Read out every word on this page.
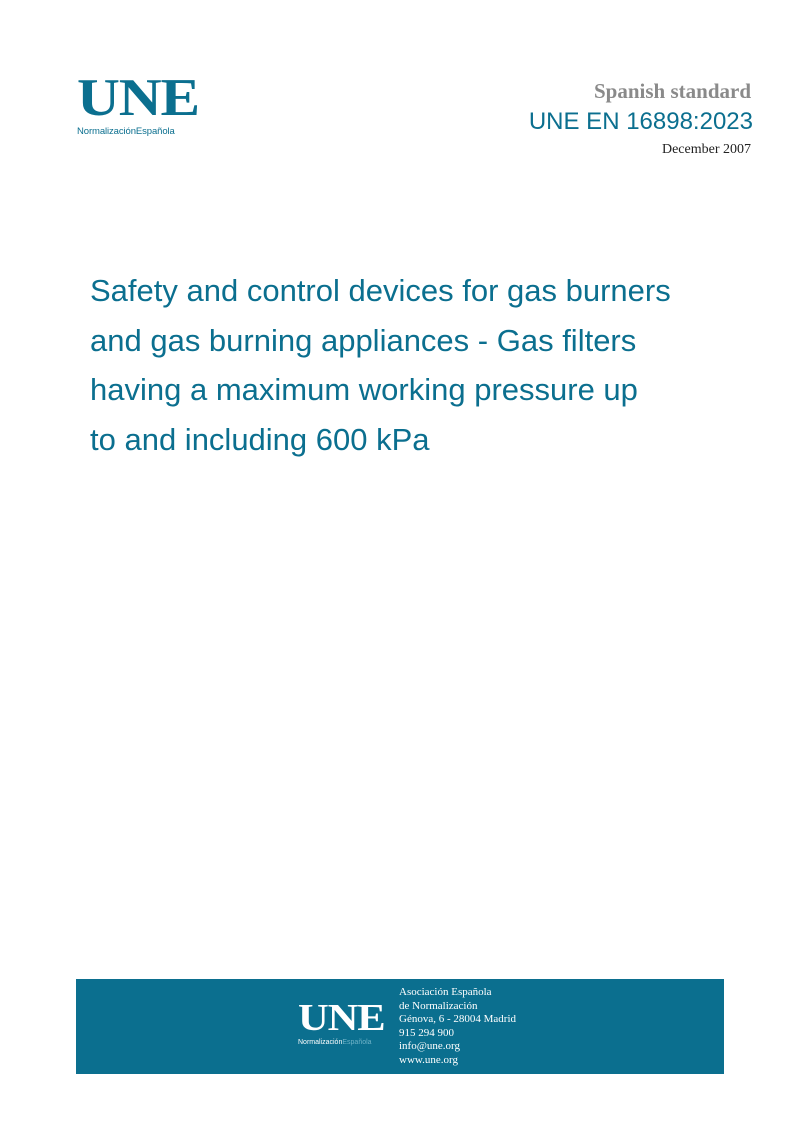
UNE
NormalizaciónEspañola
Spanish standard
UNE EN 16898:2023
December 2007
Safety and control devices for gas burners
and gas burning appliances - Gas filters
having a maximum working pressure up
to and including 600 kPa
UNE
NormalizaciónEspañola
Asociación Española
de Normalización
Génova, 6 - 28004 Madrid
915 294 900
info@une.org
www.une.org
